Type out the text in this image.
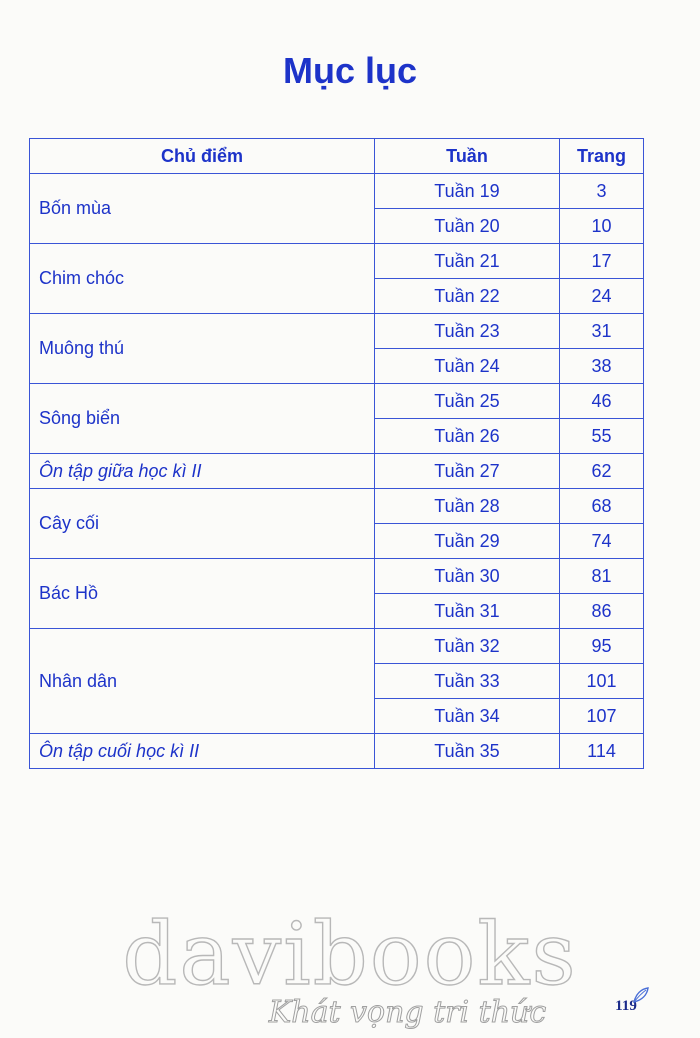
Mục lục
Chủ điểm	Tuần	Trang
Bốn mùa	Tuần 19	3
	Tuần 20	10
Chim chóc	Tuần 21	17
	Tuần 22	24
Muông thú	Tuần 23	31
	Tuần 24	38
Sông biển	Tuần 25	46
	Tuần 26	55
Ôn tập giữa học kì II	Tuần 27	62
Cây cối	Tuần 28	68
	Tuần 29	74
Bác Hồ	Tuần 30	81
	Tuần 31	86
Nhân dân	Tuần 32	95
	Tuần 33	101
	Tuần 34	107
Ôn tập cuối học kì II	Tuần 35	114
davibooks
Khát vọng tri thức	119
